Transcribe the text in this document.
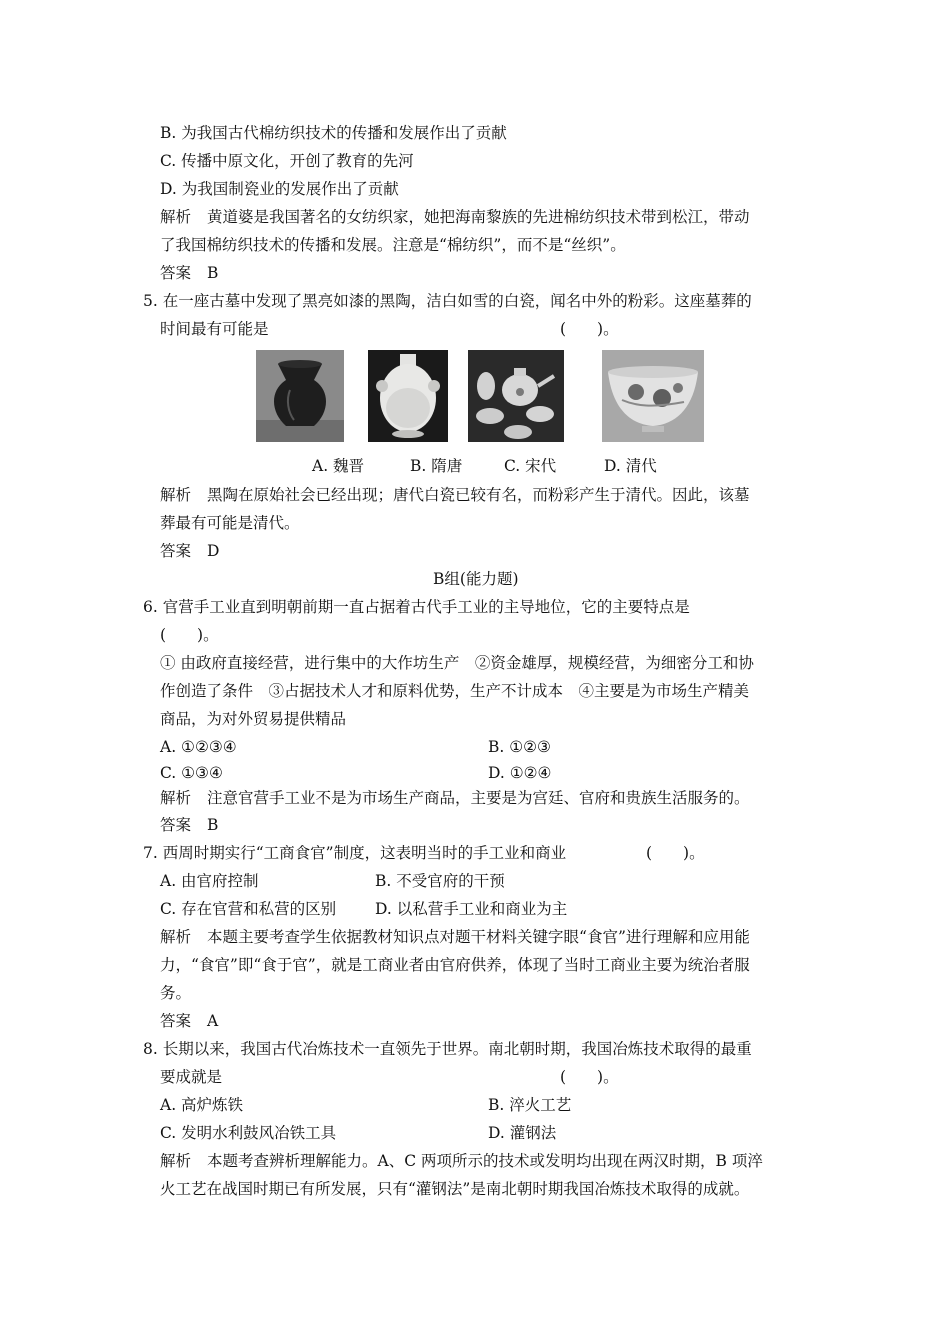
B. 为我国古代棉纺织技术的传播和发展作出了贡献
C. 传播中原文化，开创了教育的先河
D. 为我国制瓷业的发展作出了贡献
解析 黄道婆是我国著名的女纺织家，她把海南黎族的先进棉纺织技术带到松江，带动
了我国棉纺织技术的传播和发展。注意是“棉纺织”，而不是“丝织”。
答案 B
5. 在一座古墓中发现了黑亮如漆的黑陶，洁白如雪的白瓷，闻名中外的粉彩。这座墓葬的
时间最有可能是	(　　)。
A. 魏晋	B. 隋唐	C. 宋代	D. 清代
解析 黑陶在原始社会已经出现；唐代白瓷已较有名，而粉彩产生于清代。因此，该墓
葬最有可能是清代。
答案 D
B组(能力题)
6. 官营手工业直到明朝前期一直占据着古代手工业的主导地位，它的主要特点是
(　　)。
① 由政府直接经营，进行集中的大作坊生产　②资金雄厚，规模经营，为细密分工和协
作创造了条件　③占据技术人才和原料优势，生产不计成本　④主要是为市场生产精美
商品，为对外贸易提供精品
A. ①②③④	B. ①②③
C. ①③④	D. ①②④
解析 注意官营手工业不是为市场生产商品，主要是为宫廷、官府和贵族生活服务的。
答案 B
7. 西周时期实行“工商食官”制度，这表明当时的手工业和商业	(　　)。
A. 由官府控制	B. 不受官府的干预
C. 存在官营和私营的区别	D. 以私营手工业和商业为主
解析 本题主要考查学生依据教材知识点对题干材料关键字眼“食官”进行理解和应用能
力，“食官”即“食于官”，就是工商业者由官府供养，体现了当时工商业主要为统治者服
务。
答案 A
8. 长期以来，我国古代冶炼技术一直领先于世界。南北朝时期，我国冶炼技术取得的最重
要成就是	(　　)。
A. 高炉炼铁	B. 淬火工艺
C. 发明水利鼓风冶铁工具	D. 灌钢法
解析 本题考查辨析理解能力。A、C 两项所示的技术或发明均出现在两汉时期，B 项淬
火工艺在战国时期已有所发展，只有“灌钢法”是南北朝时期我国冶炼技术取得的成就。
